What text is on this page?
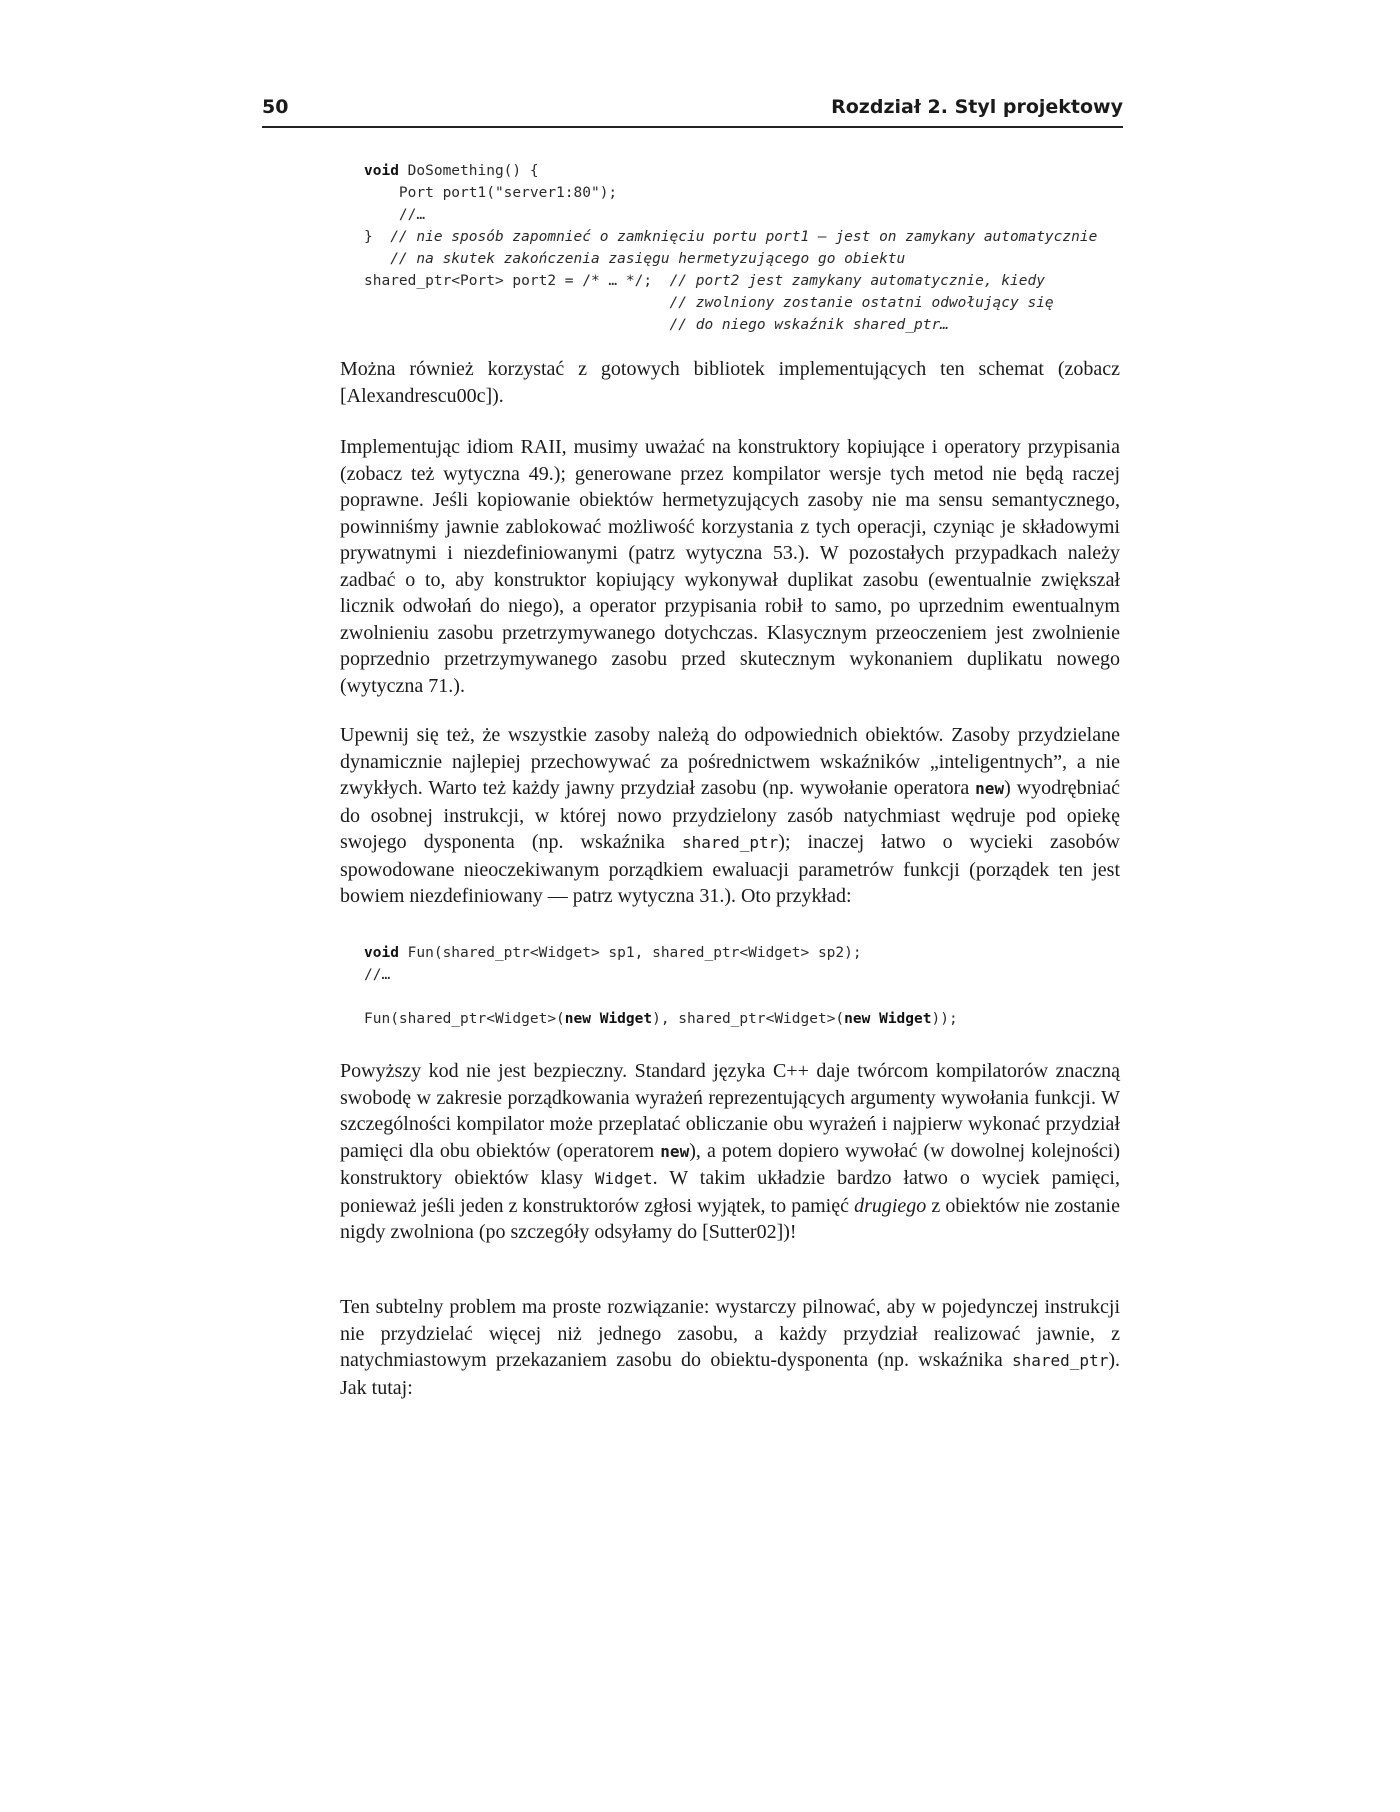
50	Rozdział 2. Styl projektowy
void DoSomething() {
Port port1("server1:80");
//…
} // nie sposób zapomnieć o zamknięciu portu port1 — jest on zamykany automatycznie
// na skutek zakończenia zasięgu hermetyzującego go obiektu
shared_ptr<Port> port2 = /* … */; // port2 jest zamykany automatycznie, kiedy
// zwolniony zostanie ostatni odwołujący się
// do niego wskaźnik shared_ptr…

Można również korzystać z gotowych bibliotek implementujących ten schemat (zobacz [Alexandrescu00c]).

Implementując idiom RAII, musimy uważać na konstruktory kopiujące i operatory przypisania (zobacz też wytyczna 49.); generowane przez kompilator wersje tych metod nie będą raczej poprawne. Jeśli kopiowanie obiektów hermetyzujących zasoby nie ma sensu semantycznego, powinniśmy jawnie zablokować możliwość korzystania z tych operacji, czyniąc je składowymi prywatnymi i niezdefiniowanymi (patrz wytyczna 53.). W pozostałych przypadkach należy zadbać o to, aby konstruktor kopiujący wykonywał duplikat zasobu (ewentualnie zwiększał licznik odwołań do niego), a operator przypisania robił to samo, po uprzednim ewentualnym zwolnieniu zasobu przetrzymywanego dotychczas. Klasycznym przeoczeniem jest zwolnienie poprzednio przetrzymywanego zasobu przed skutecznym wykonaniem duplikatu nowego (wytyczna 71.).

Upewnij się też, że wszystkie zasoby należą do odpowiednich obiektów. Zasoby przydzielane dynamicznie najlepiej przechowywać za pośrednictwem wskaźników „inteligentnych”, a nie zwykłych. Warto też każdy jawny przydział zasobu (np. wywołanie operatora new) wyodrębniać do osobnej instrukcji, w której nowo przydzielony zasób natychmiast wędruje pod opiekę swojego dysponenta (np. wskaźnika shared_ptr); inaczej łatwo o wycieki zasobów spowodowane nieoczekiwanym porządkiem ewaluacji parametrów funkcji (porządek ten jest bowiem niezdefiniowany — patrz wytyczna 31.). Oto przykład:

void Fun(shared_ptr<Widget> sp1, shared_ptr<Widget> sp2);
//…

Fun(shared_ptr<Widget>(new Widget), shared_ptr<Widget>(new Widget));

Powyższy kod nie jest bezpieczny. Standard języka C++ daje twórcom kompilatorów znaczną swobodę w zakresie porządkowania wyrażeń reprezentujących argumenty wywołania funkcji. W szczególności kompilator może przeplatać obliczanie obu wyrażeń i najpierw wykonać przydział pamięci dla obu obiektów (operatorem new), a potem dopiero wywołać (w dowolnej kolejności) konstruktory obiektów klasy Widget. W takim układzie bardzo łatwo o wyciek pamięci, ponieważ jeśli jeden z konstruktorów zgłosi wyjątek, to pamięć drugiego z obiektów nie zostanie nigdy zwolniona (po szczegóły odsyłamy do [Sutter02])!

Ten subtelny problem ma proste rozwiązanie: wystarczy pilnować, aby w pojedynczej instrukcji nie przydzielać więcej niż jednego zasobu, a każdy przydział realizować jawnie, z natychmiastowym przekazaniem zasobu do obiektu-dysponenta (np. wskaźnika shared_ptr). Jak tutaj:
